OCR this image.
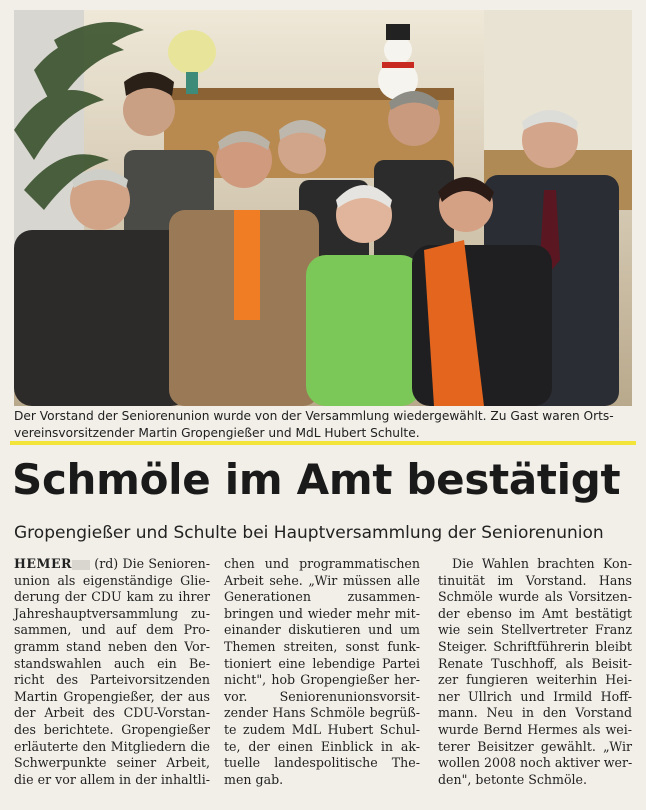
Der Vorstand der Seniorenunion wurde von der Versammlung wiedergewählt. Zu Gast waren Orts-
vereinsvorsitzender Martin Gropengießer und MdL Hubert Schulte.
Schmöle im Amt bestätigt
Gropengießer und Schulte bei Hauptversammlung der Seniorenunion
HEMER (rd) Die Senioren-
union als eigenständige Glie-
derung der CDU kam zu ihrer
Jahreshauptversammlung zu-
sammen, und auf dem Pro-
gramm stand neben den Vor-
standswahlen auch ein Be-
richt des Parteivorsitzenden
Martin Gropengießer, der aus
der Arbeit des CDU-Vorstan-
des berichtete. Gropengießer
erläuterte den Mitgliedern die
Schwerpunkte seiner Arbeit,
die er vor allem in der inhaltli-
chen und programmatischen
Arbeit sehe. „Wir müssen alle
Generationen zusammen-
bringen und wieder mehr mit-
einander diskutieren und um
Themen streiten, sonst funk-
tioniert eine lebendige Partei
nicht", hob Gropengießer her-
vor. Seniorenunionsvorsit-
zender Hans Schmöle begrüß-
te zudem MdL Hubert Schul-
te, der einen Einblick in ak-
tuelle landespolitische The-
men gab.
Die Wahlen brachten Kon-
tinuität im Vorstand. Hans
Schmöle wurde als Vorsitzen-
der ebenso im Amt bestätigt
wie sein Stellvertreter Franz
Steiger. Schriftführerin bleibt
Renate Tuschhoff, als Beisit-
zer fungieren weiterhin Hei-
ner Ullrich und Irmild Hoff-
mann. Neu in den Vorstand
wurde Bernd Hermes als wei-
terer Beisitzer gewählt. „Wir
wollen 2008 noch aktiver wer-
den", betonte Schmöle.
